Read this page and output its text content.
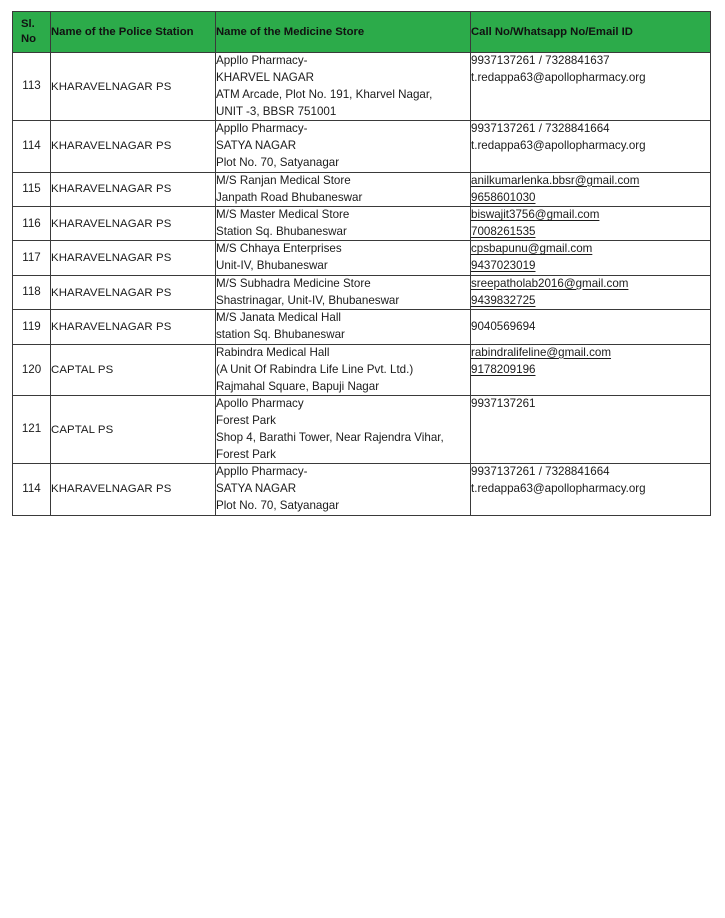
Sl.
No	Name of the Police Station	Name of the Medicine Store	Call No/Whatsapp No/Email ID
113	KHARAVELNAGAR PS	Appllo Pharmacy-
KHARVEL NAGAR
ATM Arcade, Plot No. 191, Kharvel Nagar,
UNIT -3, BBSR 751001	9937137261 / 7328841637
t.redappa63@apollopharmacy.org

114	KHARAVELNAGAR PS	Appllo Pharmacy-
SATYA NAGAR
Plot No. 70, Satyanagar	9937137261 / 7328841664
t.redappa63@apollopharmacy.org

115	KHARAVELNAGAR PS	M/S Ranjan Medical Store
Janpath Road Bhubaneswar	anilkumarlenka.bbsr@gmail.com
9658601030

116	KHARAVELNAGAR PS	M/S Master Medical Store
Station Sq. Bhubaneswar	biswajit3756@gmail.com
7008261535

117	KHARAVELNAGAR PS	M/S Chhaya Enterprises
Unit-IV, Bhubaneswar	cpsbapunu@gmail.com
9437023019

118	KHARAVELNAGAR PS	M/S Subhadra Medicine Store
Shastrinagar, Unit-IV, Bhubaneswar	sreepatholab2016@gmail.com
9439832725

119	KHARAVELNAGAR PS	M/S Janata Medical Hall
station Sq. Bhubaneswar	9040569694

120	CAPTAL PS	Rabindra Medical Hall
(A Unit Of Rabindra Life Line Pvt. Ltd.)
Rajmahal Square, Bapuji Nagar	rabindralifeline@gmail.com
9178209196

121	CAPTAL PS	Apollo Pharmacy
Forest Park
Shop 4, Barathi Tower, Near Rajendra Vihar,
Forest Park	9937137261

114	KHARAVELNAGAR PS	Appllo Pharmacy-
SATYA NAGAR
Plot No. 70, Satyanagar	9937137261 / 7328841664
t.redappa63@apollopharmacy.org
